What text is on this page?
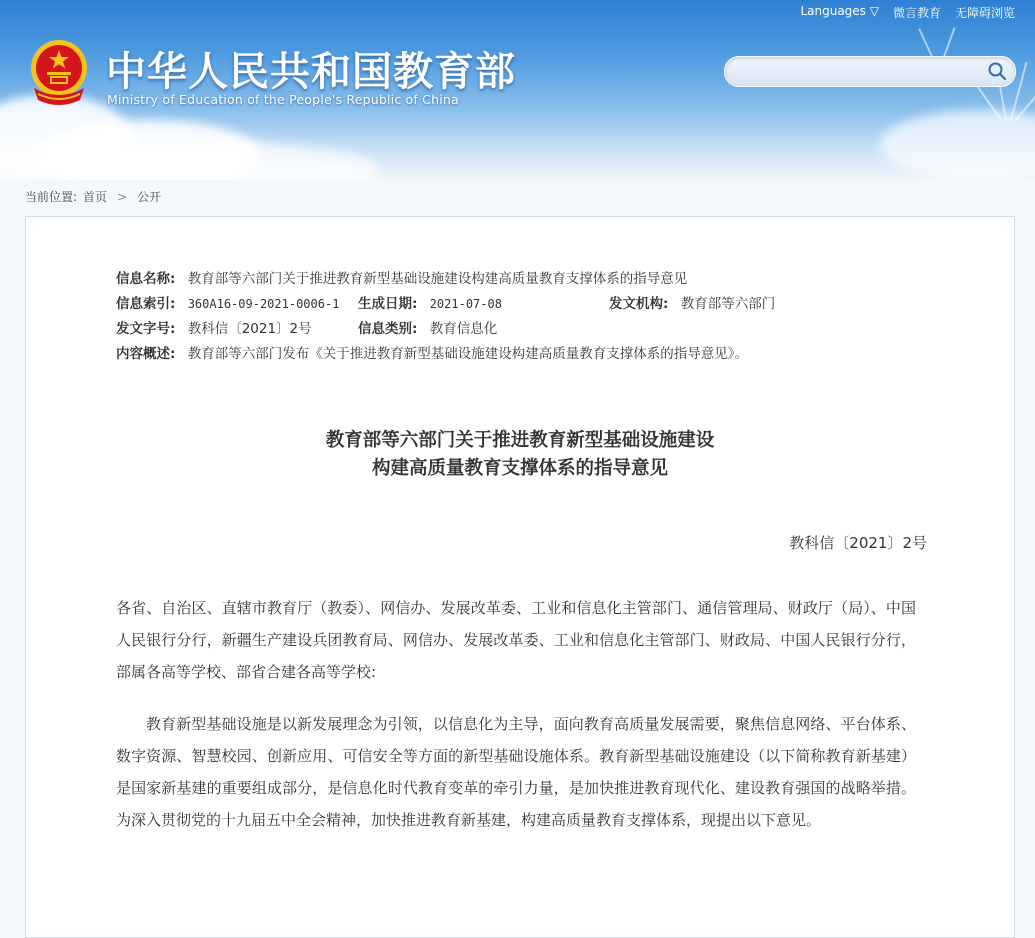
Languages ▽ 微言教育 无障碍浏览
中华人民共和国教育部
Ministry of Education of the People's Republic of China
当前位置: 首页 > 公开
信息名称: 教育部等六部门关于推进教育新型基础设施建设构建高质量教育支撑体系的指导意见
信息索引: 360A16-09-2021-0006-1 生成日期: 2021-07-08	发文机构: 教育部等六部门
发文字号: 教科信〔2021〕2号	信息类别: 教育信息化
内容概述: 教育部等六部门发布《关于推进教育新型基础设施建设构建高质量教育支撑体系的指导意见》。
教育部等六部门关于推进教育新型基础设施建设
构建高质量教育支撑体系的指导意见
教科信〔2021〕2号

各省、自治区、直辖市教育厅（教委）、网信办、发展改革委、工业和信息化主管部门、通信管理局、财政厅（局）、中国人民银行分行，新疆生产建设兵团教育局、网信办、发展改革委、工业和信息化主管部门、财政局、中国人民银行分行，部属各高等学校、部省合建各高等学校:

教育新型基础设施是以新发展理念为引领，以信息化为主导，面向教育高质量发展需要，聚焦信息网络、平台体系、数字资源、智慧校园、创新应用、可信安全等方面的新型基础设施体系。教育新型基础设施建设（以下简称教育新基建）是国家新基建的重要组成部分，是信息化时代教育变革的牵引力量，是加快推进教育现代化、建设教育强国的战略举措。为深入贯彻党的十九届五中全会精神，加快推进教育新基建，构建高质量教育支撑体系，现提出以下意见。
